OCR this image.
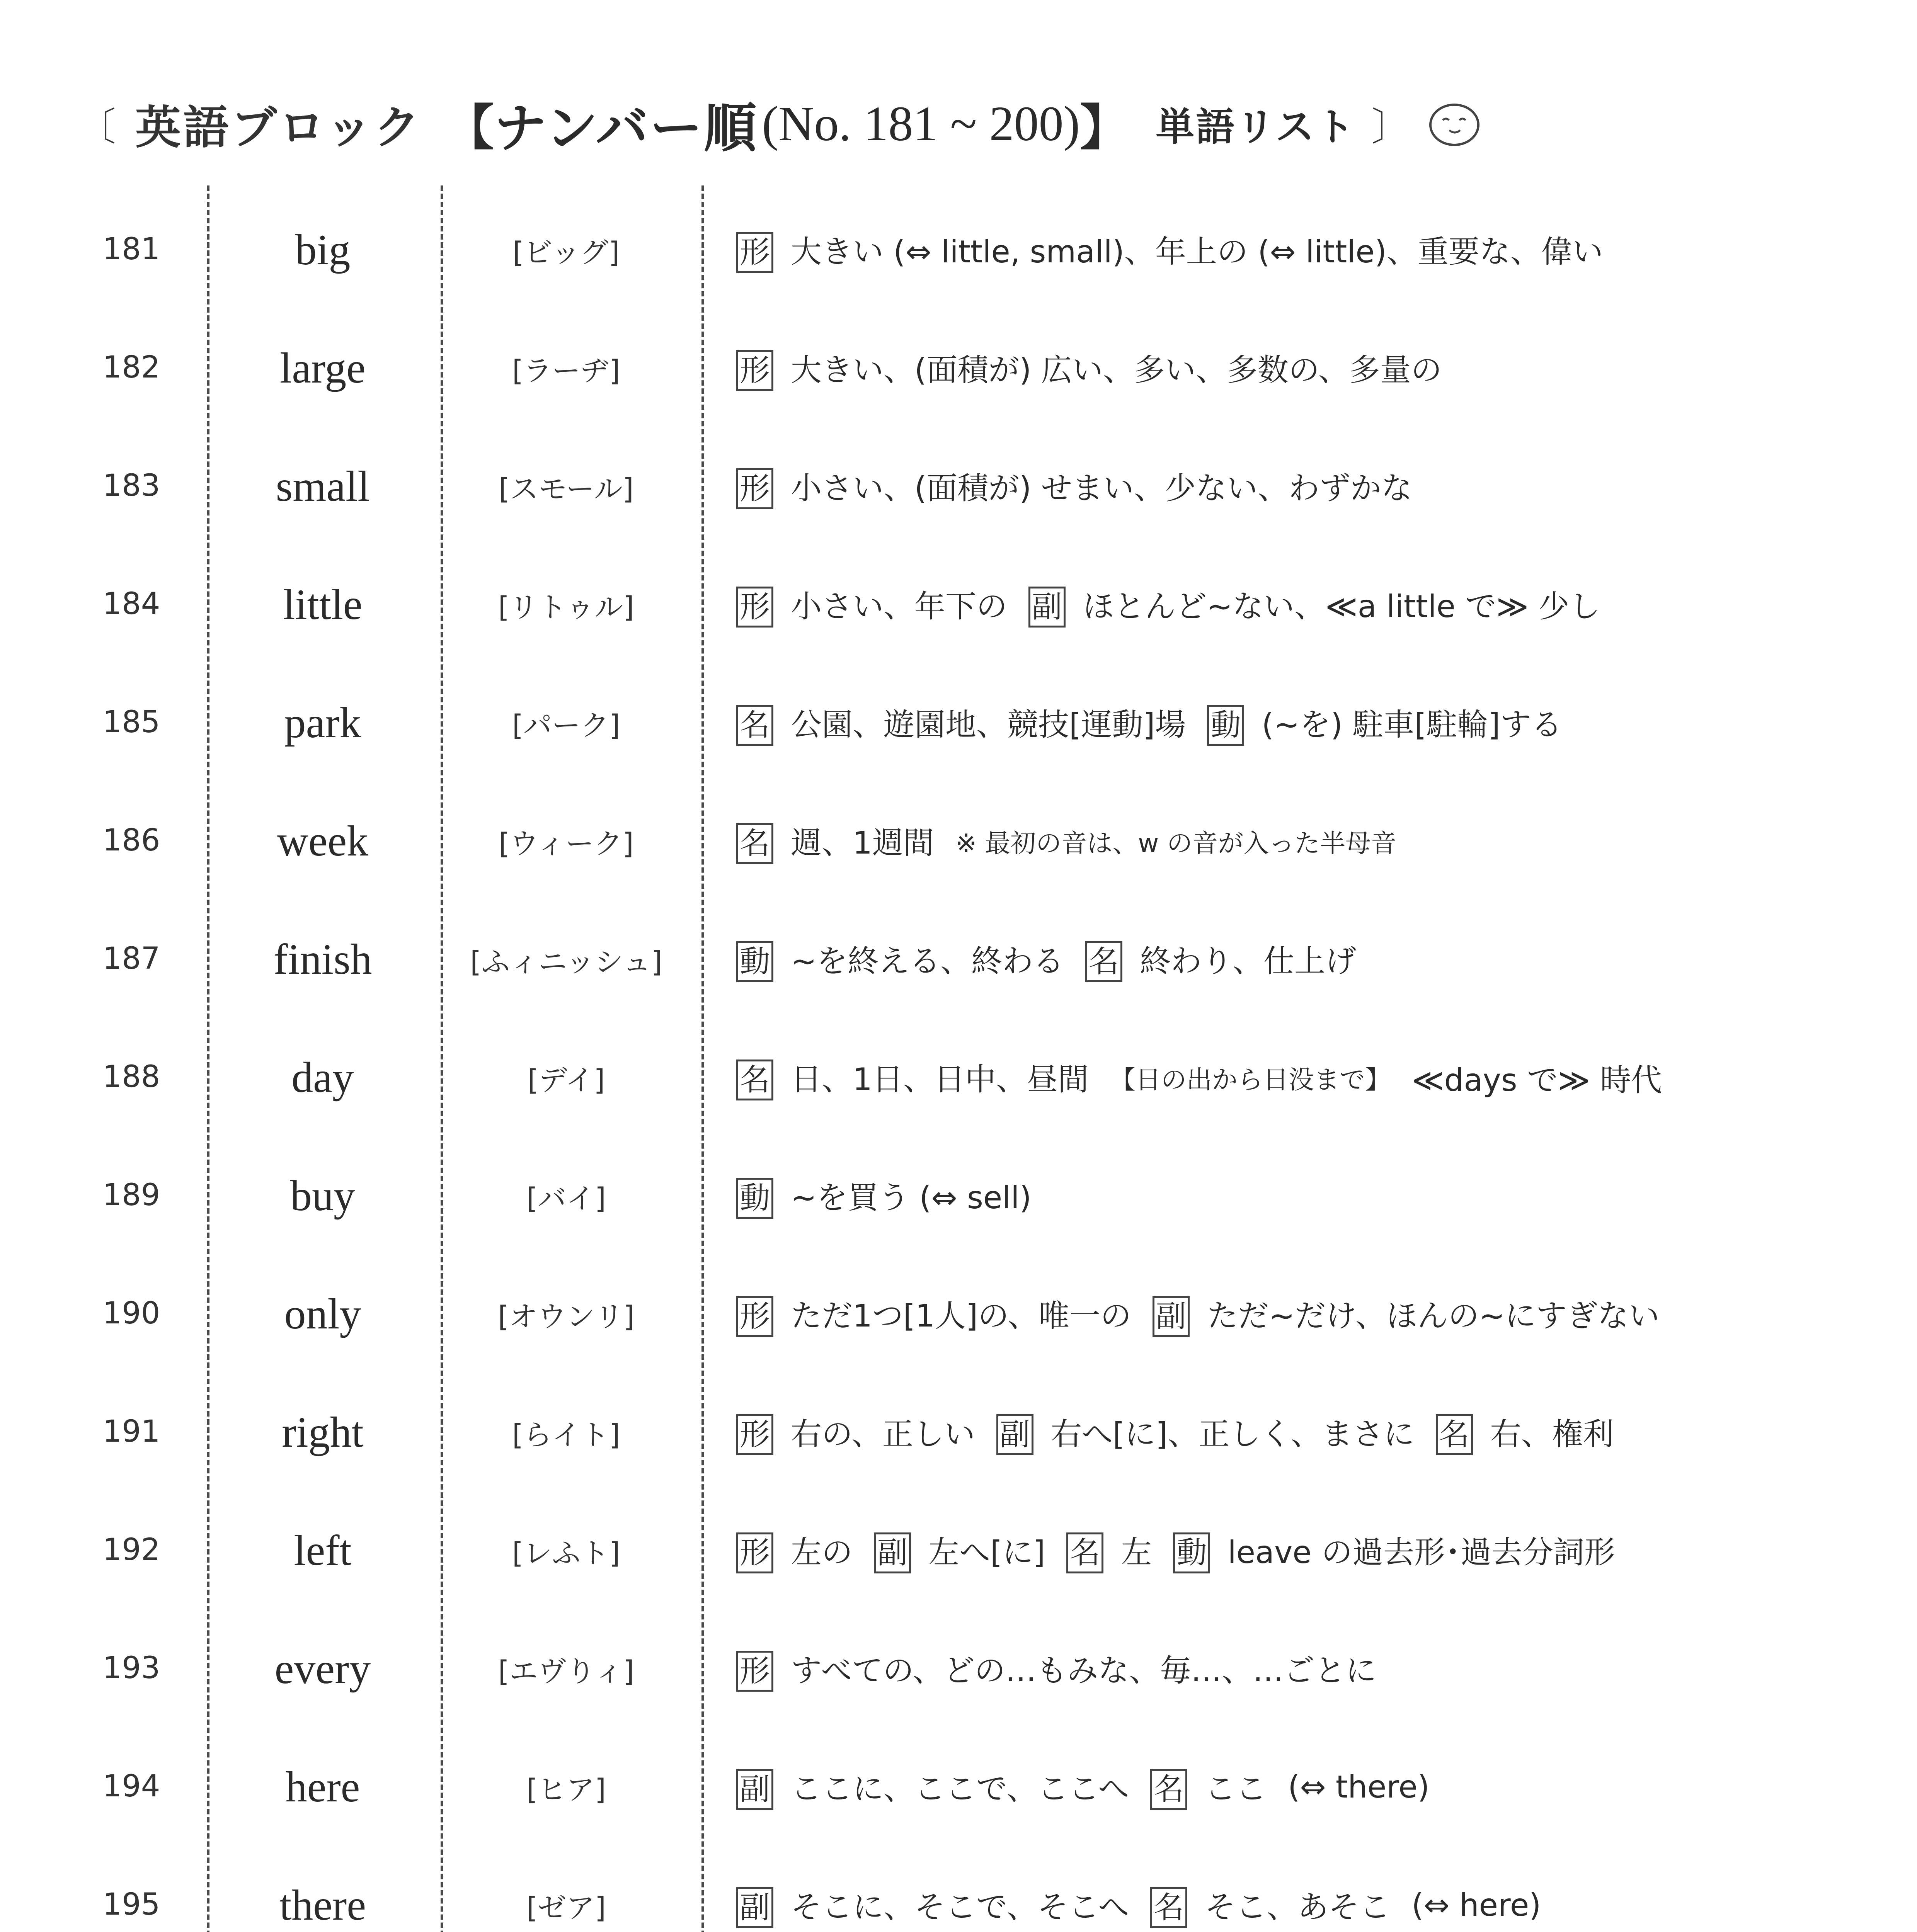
〔 英語ブロック 【 ナンバー順 (No. 181 ~ 200) 】 単語リスト 〕
181	big	[ビッグ]	形 大きい (⇔ little, small)、年上の (⇔ little)、重要な、偉い
182	large	[ラーヂ]	形 大きい、(面積が) 広い、多い、多数の、多量の
183	small	[スモール]	形 小さい、(面積が) せまい、少ない、わずかな
184	little	[リトゥル]	形 小さい、年下の 副 ほとんど~ない、≪a little で≫ 少し
185	park	[パーク]	名 公園、遊園地、競技[運動]場 動 (~を) 駐車[駐輪]する
186	week	[ウィーク]	名 週、1週間 ※ 最初の音は、w の音が入った半母音
187	finish	[ふィニッシュ]	動 ~を終える、終わる 名 終わり、仕上げ
188	day	[デイ]	名 日、1日、日中、昼間 【日の出から日没まで】 ≪days で≫ 時代
189	buy	[バイ]	動 ~を買う (⇔ sell)
190	only	[オウンリ]	形 ただ1つ[1人]の、唯一の 副 ただ~だけ、ほんの~にすぎない
191	right	[らイト]	形 右の、正しい 副 右へ[に]、正しく、まさに 名 右、権利
192	left	[レふト]	形 左の 副 左へ[に] 名 左 動 leave の過去形･過去分詞形
193	every	[エヴりィ]	形 すべての、どの…もみな、毎…、…ごとに
194	here	[ヒア]	副 ここに、ここで、ここへ 名 ここ (⇔ there)
195	there	[ゼア]	副 そこに、そこで、そこへ 名 そこ、あそこ (⇔ here)
